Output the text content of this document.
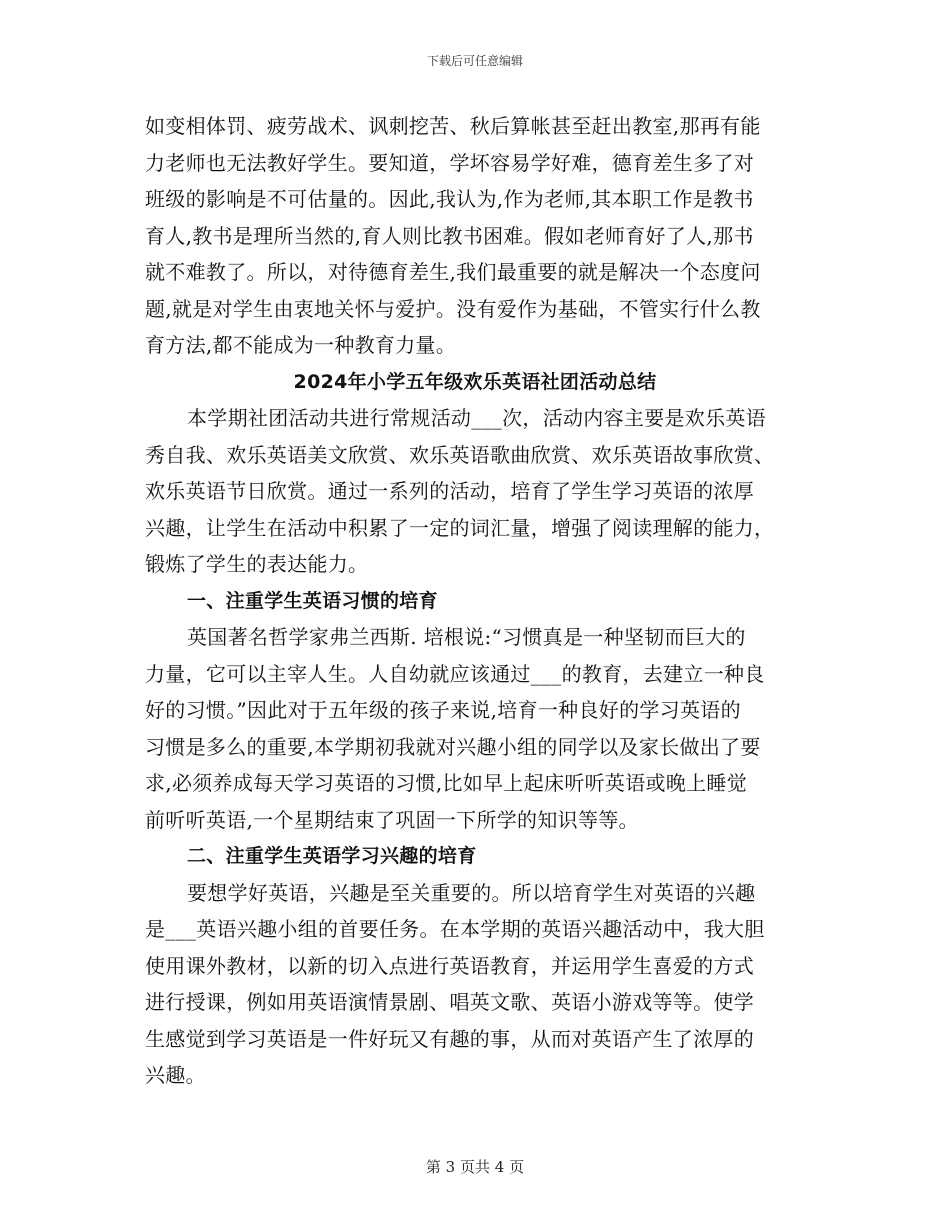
下载后可任意编辑
如变相体罚、疲劳战术、讽刺挖苦、秋后算帐甚至赶出教室,那再有能
力老师也无法教好学生。要知道，学坏容易学好难，德育差生多了对
班级的影响是不可估量的。因此,我认为,作为老师,其本职工作是教书
育人,教书是理所当然的,育人则比教书困难。假如老师育好了人,那书
就不难教了。所以，对待德育差生,我们最重要的就是解决一个态度问
题,就是对学生由衷地关怀与爱护。没有爱作为基础，不管实行什么教
育方法,都不能成为一种教育力量。
2024年小学五年级欢乐英语社团活动总结
本学期社团活动共进行常规活动___次，活动内容主要是欢乐英语
秀自我、欢乐英语美文欣赏、欢乐英语歌曲欣赏、欢乐英语故事欣赏、
欢乐英语节日欣赏。通过一系列的活动，培育了学生学习英语的浓厚
兴趣，让学生在活动中积累了一定的词汇量，增强了阅读理解的能力，
锻炼了学生的表达能力。
一、注重学生英语习惯的培育
英国著名哲学家弗兰西斯. 培根说:“习惯真是一种坚韧而巨大的
力量，它可以主宰人生。人自幼就应该通过___的教育，去建立一种良
好的习惯。”因此对于五年级的孩子来说,培育一种良好的学习英语的
习惯是多么的重要,本学期初我就对兴趣小组的同学以及家长做出了要
求,必须养成每天学习英语的习惯,比如早上起床听听英语或晚上睡觉
前听听英语,一个星期结束了巩固一下所学的知识等等。
二、注重学生英语学习兴趣的培育
要想学好英语，兴趣是至关重要的。所以培育学生对英语的兴趣
是___英语兴趣小组的首要任务。在本学期的英语兴趣活动中，我大胆
使用课外教材，以新的切入点进行英语教育，并运用学生喜爱的方式
进行授课，例如用英语演情景剧、唱英文歌、英语小游戏等等。使学
生感觉到学习英语是一件好玩又有趣的事，从而对英语产生了浓厚的
兴趣。
第 3 页共 4 页
